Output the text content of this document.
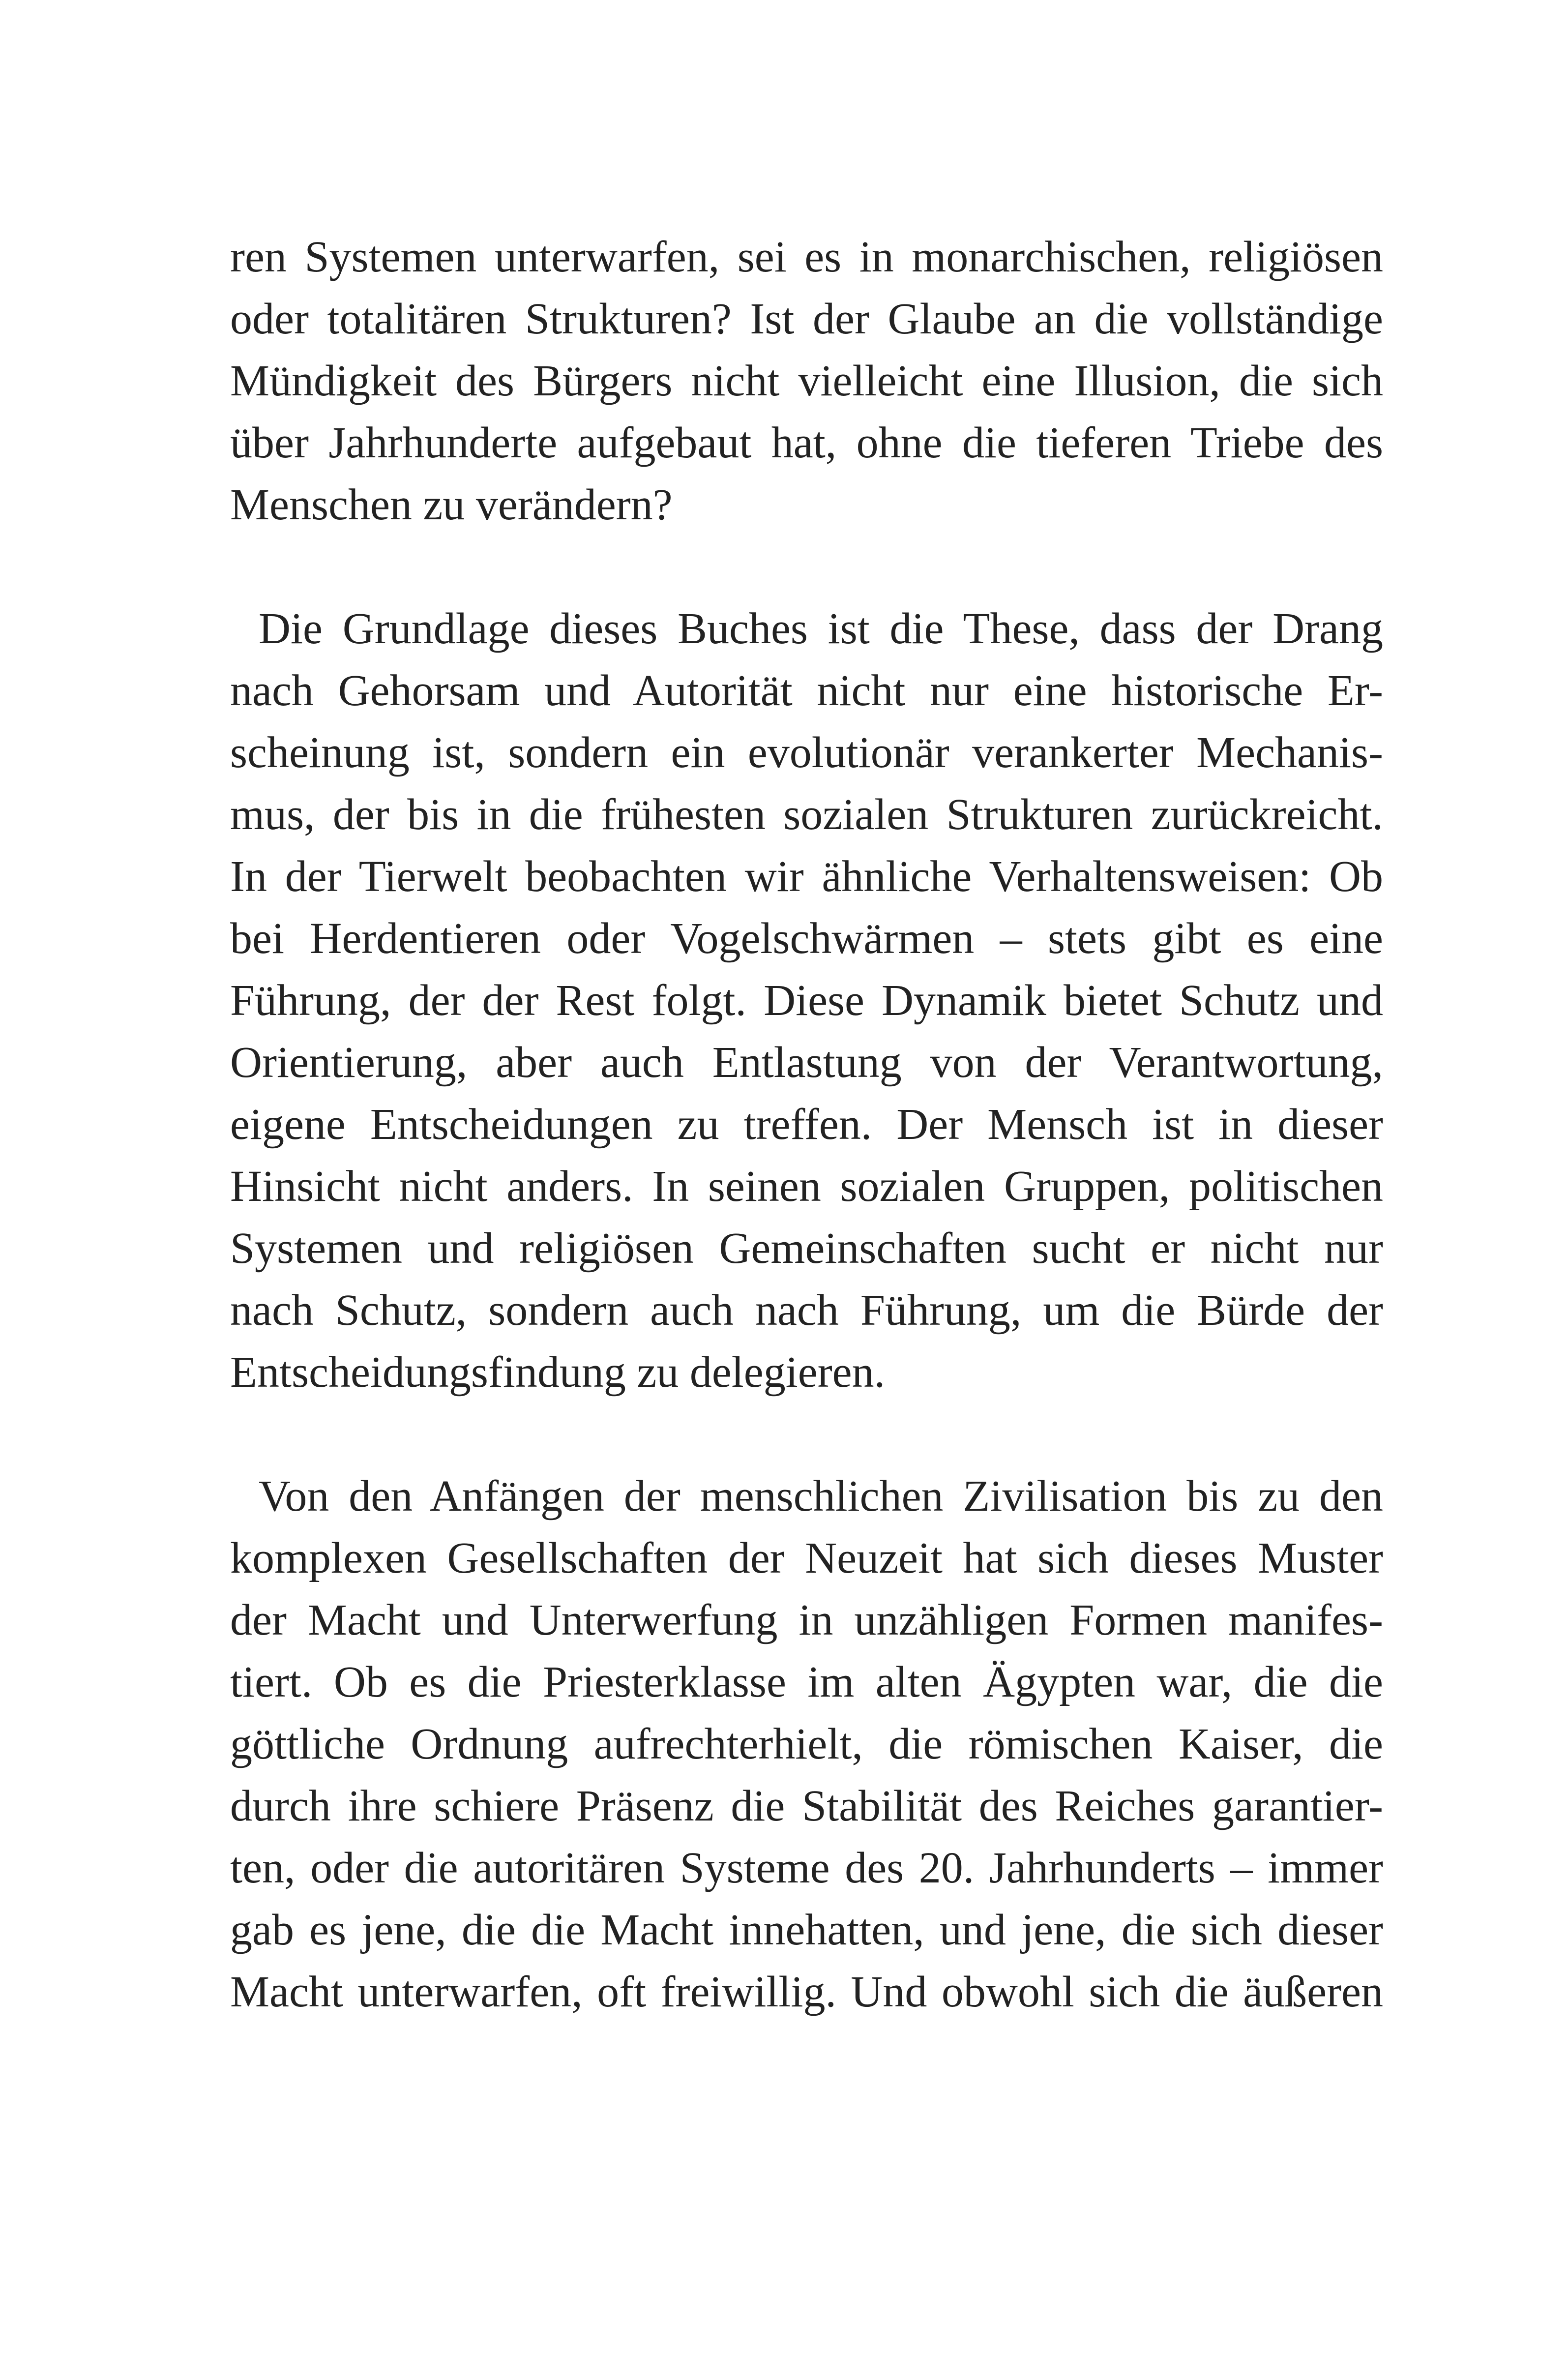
ren Systemen unterwarfen, sei es in monarchischen, religiösen
oder totalitären Strukturen? Ist der Glaube an die vollständige
Mündigkeit des Bürgers nicht vielleicht eine Illusion, die sich
über Jahrhunderte aufgebaut hat, ohne die tieferen Triebe des
Menschen zu verändern?
Die Grundlage dieses Buches ist die These, dass der Drang
nach Gehorsam und Autorität nicht nur eine historische Er-
scheinung ist, sondern ein evolutionär verankerter Mechanis-
mus, der bis in die frühesten sozialen Strukturen zurückreicht.
In der Tierwelt beobachten wir ähnliche Verhaltensweisen: Ob
bei Herdentieren oder Vogelschwärmen – stets gibt es eine
Führung, der der Rest folgt. Diese Dynamik bietet Schutz und
Orientierung, aber auch Entlastung von der Verantwortung,
eigene Entscheidungen zu treffen. Der Mensch ist in dieser
Hinsicht nicht anders. In seinen sozialen Gruppen, politischen
Systemen und religiösen Gemeinschaften sucht er nicht nur
nach Schutz, sondern auch nach Führung, um die Bürde der
Entscheidungsfindung zu delegieren.
Von den Anfängen der menschlichen Zivilisation bis zu den
komplexen Gesellschaften der Neuzeit hat sich dieses Muster
der Macht und Unterwerfung in unzähligen Formen manifes-
tiert. Ob es die Priesterklasse im alten Ägypten war, die die
göttliche Ordnung aufrechterhielt, die römischen Kaiser, die
durch ihre schiere Präsenz die Stabilität des Reiches garantier-
ten, oder die autoritären Systeme des 20. Jahrhunderts – immer
gab es jene, die die Macht innehatten, und jene, die sich dieser
Macht unterwarfen, oft freiwillig. Und obwohl sich die äußeren
